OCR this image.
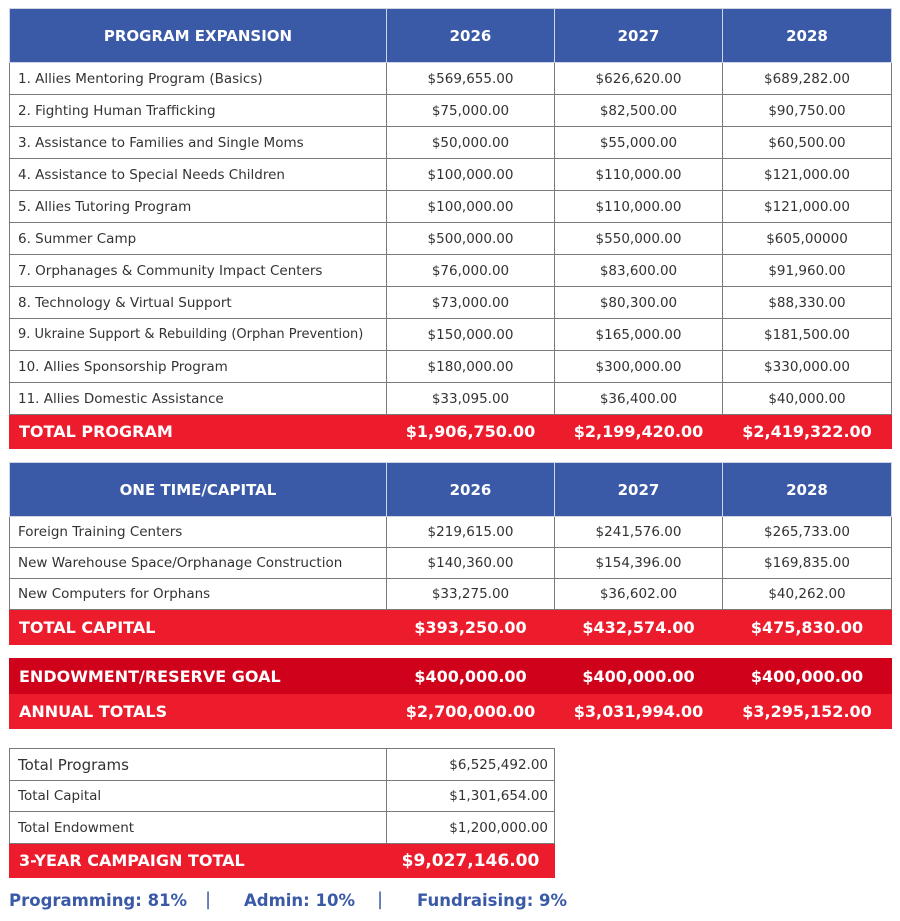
PROGRAM EXPANSION	2026	2027	2028
1. Allies Mentoring Program (Basics)	$569,655.00	$626,620.00	$689,282.00
2. Fighting Human Trafficking	$75,000.00	$82,500.00	$90,750.00
3. Assistance to Families and Single Moms	$50,000.00	$55,000.00	$60,500.00
4. Assistance to Special Needs Children	$100,000.00	$110,000.00	$121,000.00
5. Allies Tutoring Program	$100,000.00	$110,000.00	$121,000.00
6. Summer Camp	$500,000.00	$550,000.00	$605,00000
7. Orphanages & Community Impact Centers	$76,000.00	$83,600.00	$91,960.00
8. Technology & Virtual Support	$73,000.00	$80,300.00	$88,330.00
9. Ukraine Support & Rebuilding (Orphan Prevention)	$150,000.00	$165,000.00	$181,500.00
10. Allies Sponsorship Program	$180,000.00	$300,000.00	$330,000.00
11. Allies Domestic Assistance	$33,095.00	$36,400.00	$40,000.00
TOTAL PROGRAM	$1,906,750.00	$2,199,420.00	$2,419,322.00
ONE TIME/CAPITAL	2026	2027	2028
Foreign Training Centers	$219,615.00	$241,576.00	$265,733.00
New Warehouse Space/Orphanage Construction	$140,360.00	$154,396.00	$169,835.00
New Computers for Orphans	$33,275.00	$36,602.00	$40,262.00
TOTAL CAPITAL	$393,250.00	$432,574.00	$475,830.00
ENDOWMENT/RESERVE GOAL	$400,000.00	$400,000.00	$400,000.00
ANNUAL TOTALS	$2,700,000.00	$3,031,994.00	$3,295,152.00
Total Programs	$6,525,492.00
Total Capital	$1,301,654.00
Total Endowment	$1,200,000.00
3-YEAR CAMPAIGN TOTAL	$9,027,146.00
Programming: 81% | Admin: 10% | Fundraising: 9%
